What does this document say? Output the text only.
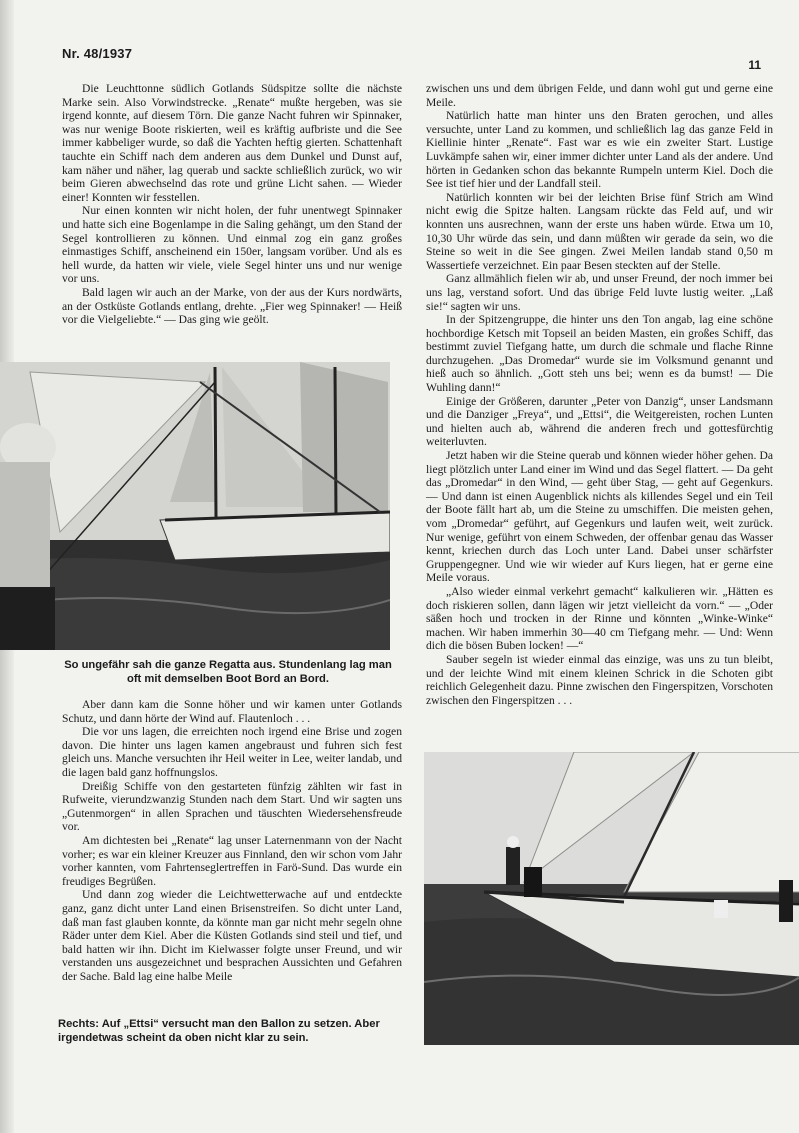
Nr. 48/1937
11

Die Leuchttonne südlich Gotlands Südspitze sollte die nächste Marke sein. Also Vorwindstrecke. „Renate“ mußte hergeben, was sie irgend konnte, auf diesem Törn. Die ganze Nacht fuhren wir Spinnaker, was nur wenige Boote riskierten, weil es kräftig aufbriste und die See immer kabbeliger wurde, so daß die Yachten heftig gierten. Schattenhaft tauchte ein Schiff nach dem anderen aus dem Dunkel und Dunst auf, kam näher und näher, lag querab und sackte schließlich zurück, wo wir beim Gieren abwechselnd das rote und grüne Licht sahen. — Wieder einer! Konnten wir fesstellen.

Nur einen konnten wir nicht holen, der fuhr unentwegt Spinnaker und hatte sich eine Bogenlampe in die Saling gehängt, um den Stand der Segel kontrollieren zu können. Und einmal zog ein ganz großes einmastiges Schiff, anscheinend ein 150er, langsam vorüber. Und als es hell wurde, da hatten wir viele, viele Segel hinter uns und nur wenige vor uns.

Bald lagen wir auch an der Marke, von der aus der Kurs nordwärts, an der Ostküste Gotlands entlang, drehte. „Fier weg Spinnaker! — Heiß vor die Vielgeliebte.“ — Das ging wie geölt.

So ungefähr sah die ganze Regatta aus. Stundenlang lag man oft mit demselben Boot Bord an Bord.

Aber dann kam die Sonne höher und wir kamen unter Gotlands Schutz, und dann hörte der Wind auf. Flautenloch . . .

Die vor uns lagen, die erreichten noch irgend eine Brise und zogen davon. Die hinter uns lagen kamen angebraust und fuhren sich fest gleich uns. Manche versuchten ihr Heil weiter in Lee, weiter landab, und die lagen bald ganz hoffnungslos.

Dreißig Schiffe von den gestarteten fünfzig zählten wir fast in Rufweite, vierundzwanzig Stunden nach dem Start. Und wir sagten uns „Gutenmorgen“ in allen Sprachen und täuschten Wiedersehensfreude vor.

Am dichtesten bei „Renate“ lag unser Laternenmann von der Nacht vorher; es war ein kleiner Kreuzer aus Finnland, den wir schon vom Jahr vorher kannten, vom Fahrtenseglertreffen in Farö-Sund. Das wurde ein freudiges Begrüßen.

Und dann zog wieder die Leichtwetterwache auf und entdeckte ganz, ganz dicht unter Land einen Brisenstreifen. So dicht unter Land, daß man fast glauben konnte, da könnte man gar nicht mehr segeln ohne Räder unter dem Kiel. Aber die Küsten Gotlands sind steil und tief, und bald hatten wir ihn. Dicht im Kielwasser folgte unser Freund, und wir verstanden uns ausgezeichnet und besprachen Aussichten und Gefahren der Sache. Bald lag eine halbe Meile

Rechts: Auf „Ettsi“ versucht man den Ballon zu setzen. Aber irgendetwas scheint da oben nicht klar zu sein.

zwischen uns und dem übrigen Felde, und dann wohl gut und gerne eine Meile.

Natürlich hatte man hinter uns den Braten gerochen, und alles versuchte, unter Land zu kommen, und schließlich lag das ganze Feld in Kiellinie hinter „Renate“. Fast war es wie ein zweiter Start. Lustige Luvkämpfe sahen wir, einer immer dichter unter Land als der andere. Und hörten in Gedanken schon das bekannte Rumpeln unterm Kiel. Doch die See ist tief hier und der Landfall steil.

Natürlich konnten wir bei der leichten Brise fünf Strich am Wind nicht ewig die Spitze halten. Langsam rückte das Feld auf, und wir konnten uns ausrechnen, wann der erste uns haben würde. Etwa um 10, 10,30 Uhr würde das sein, und dann müßten wir gerade da sein, wo die Steine so weit in die See gingen. Zwei Meilen landab stand 0,50 m Wassertiefe verzeichnet. Ein paar Besen steckten auf der Stelle.

Ganz allmählich fielen wir ab, und unser Freund, der noch immer bei uns lag, verstand sofort. Und das übrige Feld luvte lustig weiter. „Laß sie!“ sagten wir uns.

In der Spitzengruppe, die hinter uns den Ton angab, lag eine schöne hochbordige Ketsch mit Topseil an beiden Masten, ein großes Schiff, das bestimmt zuviel Tiefgang hatte, um durch die schmale und flache Rinne durchzugehen. „Das Dromedar“ wurde sie im Volksmund genannt und hieß auch so ähnlich. „Gott steh uns bei; wenn es da bumst! — Die Wuhling dann!“

Einige der Größeren, darunter „Peter von Danzig“, unser Landsmann und die Danziger „Freya“, und „Ettsi“, die Weitgereisten, rochen Lunten und hielten auch ab, während die anderen frech und gottesfürchtig weiterluvten.

Jetzt haben wir die Steine querab und können wieder höher gehen. Da liegt plötzlich unter Land einer im Wind und das Segel flattert. — Da geht das „Dromedar“ in den Wind, — geht über Stag, — geht auf Gegenkurs. — Und dann ist einen Augenblick nichts als killendes Segel und ein Teil der Boote fällt hart ab, um die Steine zu umschiffen. Die meisten gehen, vom „Dromedar“ geführt, auf Gegenkurs und laufen weit, weit zurück. Nur wenige, geführt von einem Schweden, der offenbar genau das Wasser kennt, kriechen durch das Loch unter Land. Dabei unser schärfster Gruppengegner. Und wie wir wieder auf Kurs liegen, hat er gerne eine Meile voraus.

„Also wieder einmal verkehrt gemacht“ kalkulieren wir. „Hätten es doch riskieren sollen, dann lägen wir jetzt vielleicht da vorn.“ — „Oder säßen hoch und trocken in der Rinne und könnten „Winke-Winke“ machen. Wir haben immerhin 30—40 cm Tiefgang mehr. — Und: Wenn dich die bösen Buben locken! —“

Sauber segeln ist wieder einmal das einzige, was uns zu tun bleibt, und der leichte Wind mit einem kleinen Schrick in die Schoten gibt reichlich Gelegenheit dazu. Pinne zwischen den Fingerspitzen, Vorschoten zwischen den Fingerspitzen . . .
